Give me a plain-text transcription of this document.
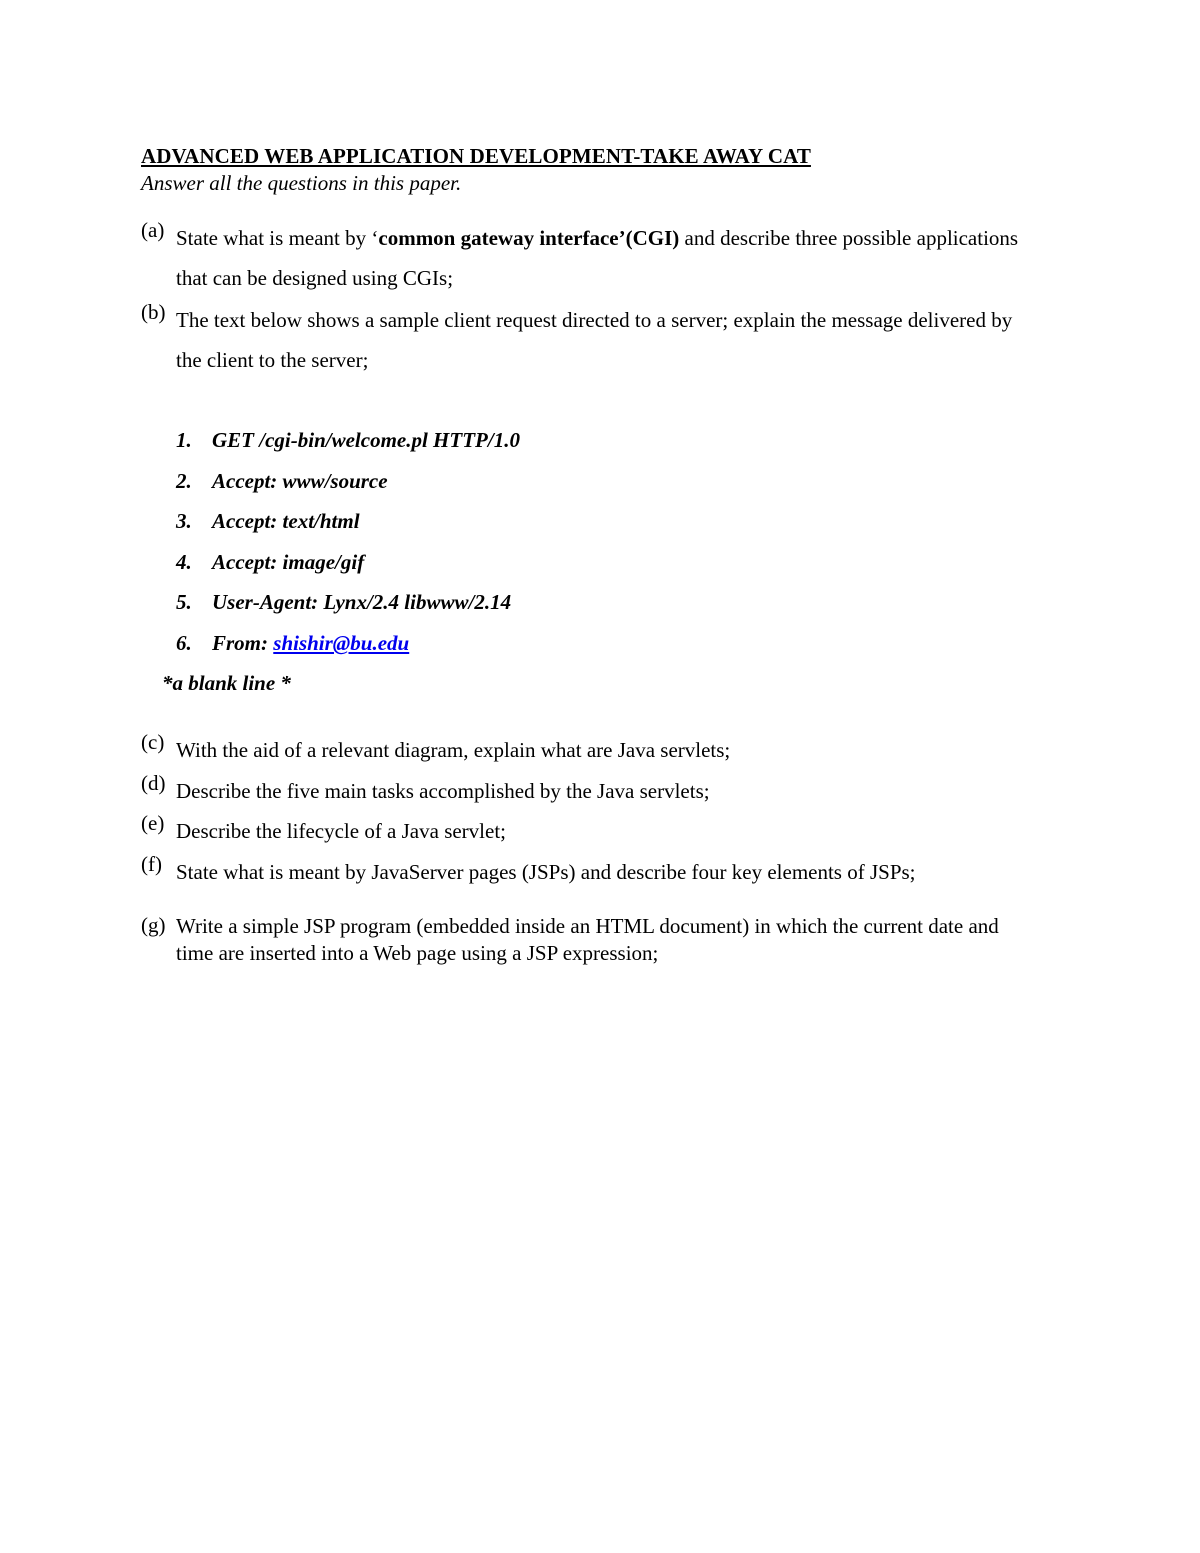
ADVANCED WEB APPLICATION DEVELOPMENT-TAKE AWAY CAT
Answer all the questions in this paper.
(a) State what is meant by ‘common gateway interface’(CGI) and describe three possible applications that can be designed using CGIs;
(b) The text below shows a sample client request directed to a server; explain the message delivered by the client to the server;
1. GET /cgi-bin/welcome.pl HTTP/1.0
2. Accept: www/source
3. Accept: text/html
4. Accept: image/gif
5. User-Agent: Lynx/2.4 libwww/2.14
6. From: shishir@bu.edu
*a blank line *
(c) With the aid of a relevant diagram, explain what are Java servlets;
(d) Describe the five main tasks accomplished by the Java servlets;
(e) Describe the lifecycle of a Java servlet;
(f) State what is meant by JavaServer pages (JSPs) and describe four key elements of JSPs;
(g) Write a simple JSP program (embedded inside an HTML document) in which the current date and time are inserted into a Web page using a JSP expression;
